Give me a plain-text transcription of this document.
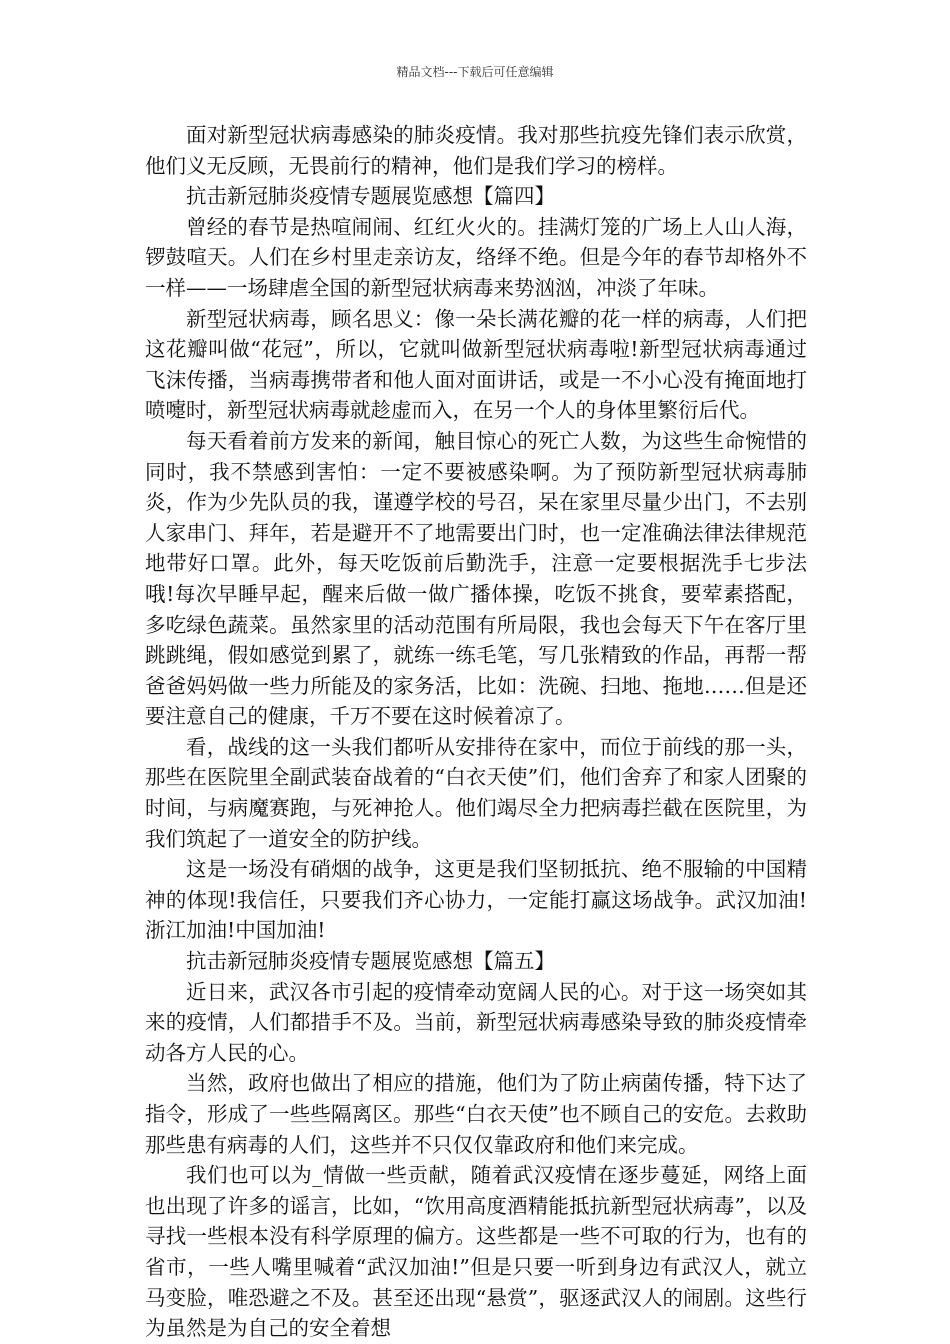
精品文档---下载后可任意编辑

面对新型冠状病毒感染的肺炎疫情。我对那些抗疫先锋们表示欣赏，他们义无反顾，无畏前行的精神，他们是我们学习的榜样。

抗击新冠肺炎疫情专题展览感想【篇四】

曾经的春节是热喧闹闹、红红火火的。挂满灯笼的广场上人山人海，锣鼓喧天。人们在乡村里走亲访友，络绎不绝。但是今年的春节却格外不一样——一场肆虐全国的新型冠状病毒来势汹汹，冲淡了年味。

新型冠状病毒，顾名思义：像一朵长满花瓣的花一样的病毒，人们把这花瓣叫做“花冠”，所以，它就叫做新型冠状病毒啦!新型冠状病毒通过飞沫传播，当病毒携带者和他人面对面讲话，或是一不小心没有掩面地打喷嚏时，新型冠状病毒就趁虚而入，在另一个人的身体里繁衍后代。

每天看着前方发来的新闻，触目惊心的死亡人数，为这些生命惋惜的同时，我不禁感到害怕：一定不要被感染啊。为了预防新型冠状病毒肺炎，作为少先队员的我，谨遵学校的号召，呆在家里尽量少出门，不去别人家串门、拜年，若是避开不了地需要出门时，也一定准确法律法律规范地带好口罩。此外，每天吃饭前后勤洗手，注意一定要根据洗手七步法哦!每次早睡早起，醒来后做一做广播体操，吃饭不挑食，要荤素搭配，多吃绿色蔬菜。虽然家里的活动范围有所局限，我也会每天下午在客厅里跳跳绳，假如感觉到累了，就练一练毛笔，写几张精致的作品，再帮一帮爸爸妈妈做一些力所能及的家务活，比如：洗碗、扫地、拖地……但是还要注意自己的健康，千万不要在这时候着凉了。

看，战线的这一头我们都听从安排待在家中，而位于前线的那一头，那些在医院里全副武装奋战着的“白衣天使”们，他们舍弃了和家人团聚的时间，与病魔赛跑，与死神抢人。他们竭尽全力把病毒拦截在医院里，为我们筑起了一道安全的防护线。

这是一场没有硝烟的战争，这更是我们坚韧抵抗、绝不服输的中国精神的体现!我信任，只要我们齐心协力，一定能打赢这场战争。武汉加油!浙江加油!中国加油!

抗击新冠肺炎疫情专题展览感想【篇五】

近日来，武汉各市引起的疫情牵动宽阔人民的心。对于这一场突如其来的疫情，人们都措手不及。当前，新型冠状病毒感染导致的肺炎疫情牵动各方人民的心。

当然，政府也做出了相应的措施，他们为了防止病菌传播，特下达了指令，形成了一些些隔离区。那些“白衣天使”也不顾自己的安危。去救助那些患有病毒的人们，这些并不只仅仅靠政府和他们来完成。

我们也可以为_情做一些贡献，随着武汉疫情在逐步蔓延，网络上面也出现了许多的谣言，比如，“饮用高度酒精能抵抗新型冠状病毒”，以及寻找一些根本没有科学原理的偏方。这些都是一些不可取的行为，也有的省市，一些人嘴里喊着“武汉加油!”但是只要一听到身边有武汉人，就立马变脸，唯恐避之不及。甚至还出现“悬赏”，驱逐武汉人的闹剧。这些行为虽然是为自己的安全着想
